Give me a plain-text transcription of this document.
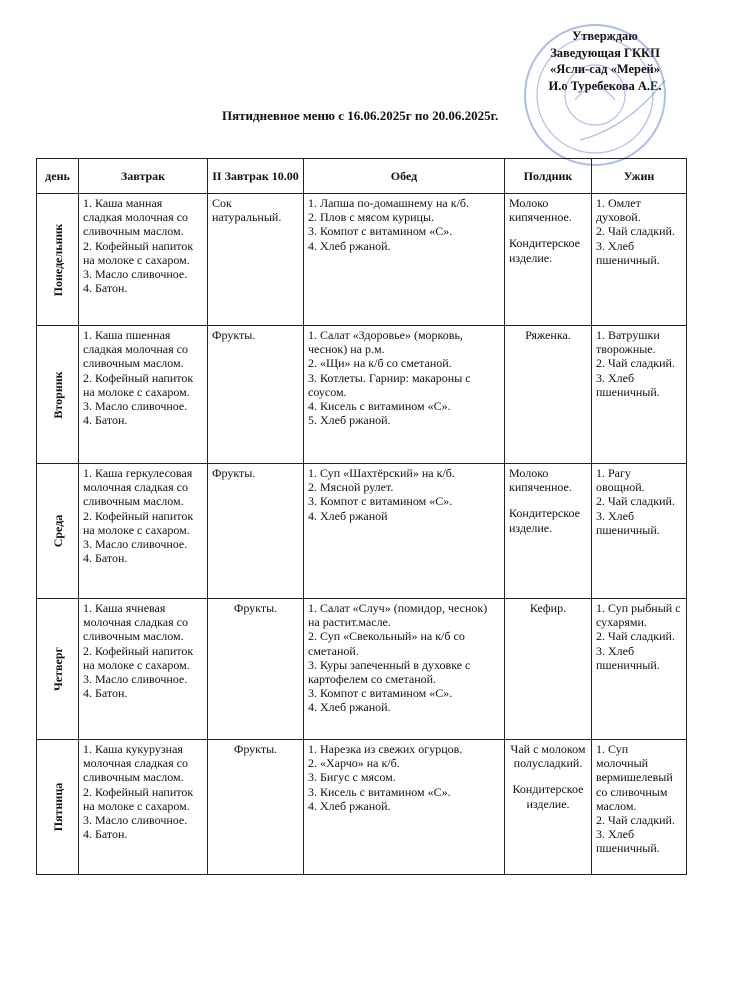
Утверждаю
Заведующая ГККП
«Ясли-сад «Мерей»
И.о Туребекова А.Е.
Пятидневное меню с 16.06.2025г по 20.06.2025г.
день	Завтрак	II Завтрак 10.00	Обед	Полдник	Ужин

Понедельник	1. Каша манная сладкая молочная со сливочным маслом.
2. Кофейный напиток на молоке с сахаром.
3. Масло сливочное.
4. Батон.	Сок натуральный.	1. Лапша по-домашнему на к/б.
2. Плов с мясом курицы.
3. Компот с витамином «С».
4. Хлеб ржаной.	Молоко кипяченное.
Кондитерское изделие.	1. Омлет духовой.
2. Чай сладкий.
3. Хлеб пшеничный.

Вторник	1. Каша пшенная сладкая молочная со сливочным маслом.
2. Кофейный напиток на молоке с сахаром.
3. Масло сливочное.
4. Батон.	Фрукты.	1. Салат «Здоровье» (морковь, чеснок) на р.м.
2. «Щи» на к/б со сметаной.
3. Котлеты. Гарнир: макароны с соусом.
4. Кисель с витамином «С».
5. Хлеб ржаной.	Ряженка.	1. Ватрушки творожные.
2. Чай сладкий.
3. Хлеб пшеничный.

Среда	1. Каша геркулесовая молочная сладкая со сливочным маслом.
2. Кофейный напиток на молоке с сахаром.
3. Масло сливочное.
4. Батон.	Фрукты.	1. Суп «Шахтёрский» на к/б.
2. Мясной рулет.
3. Компот с витамином «С».
4. Хлеб ржаной	Молоко кипяченное.
Кондитерское изделие.	1. Рагу овощной.
2. Чай сладкий.
3. Хлеб пшеничный.

Четверг	1. Каша ячневая молочная сладкая со сливочным маслом.
2. Кофейный напиток на молоке с сахаром.
3. Масло сливочное.
4. Батон.	Фрукты.	1. Салат «Случ» (помидор, чеснок) на растит.масле.
2. Суп «Свекольный» на к/б со сметаной.
3. Куры запеченный в духовке с картофелем со сметаной.
3. Компот с витамином «С».
4. Хлеб ржаной.	Кефир.	1. Суп рыбный с сухарями.
2. Чай сладкий.
3. Хлеб пшеничный.

Пятница	1. Каша кукурузная молочная сладкая со сливочным маслом.
2. Кофейный напиток на молоке с сахаром.
3. Масло сливочное.
4. Батон.	Фрукты.	1. Нарезка из свежих огурцов.
2. «Харчо» на к/б.
3. Бигус с мясом.
3. Кисель с витамином «С».
4. Хлеб ржаной.	Чай с молоком полусладкий.
Кондитерское изделие.	1. Суп молочный вермишелевый со сливочным маслом.
2. Чай сладкий.
3. Хлеб пшеничный.
